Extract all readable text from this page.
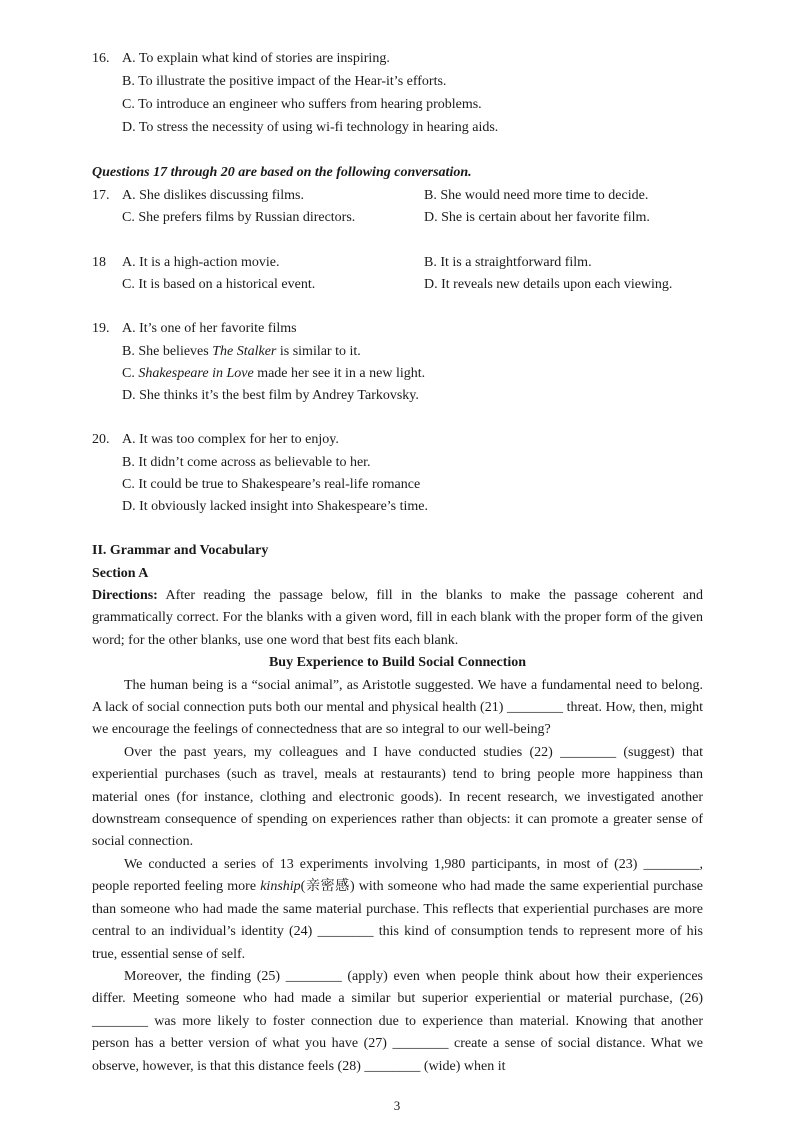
16. A. To explain what kind of stories are inspiring.
B. To illustrate the positive impact of the Hear-it’s efforts.
C. To introduce an engineer who suffers from hearing problems.
D. To stress the necessity of using wi-fi technology in hearing aids.
Questions 17 through 20 are based on the following conversation.
17. A. She dislikes discussing films.	B. She would need more time to decide.
C. She prefers films by Russian directors.	D. She is certain about her favorite film.
18 A. It is a high-action movie.	B. It is a straightforward film.
C. It is based on a historical event.	D. It reveals new details upon each viewing.
19. A. It’s one of her favorite films
B. She believes The Stalker is similar to it.
C. Shakespeare in Love made her see it in a new light.
D. She thinks it’s the best film by Andrey Tarkovsky.
20. A. It was too complex for her to enjoy.
B. It didn’t come across as believable to her.
C. It could be true to Shakespeare’s real-life romance
D. It obviously lacked insight into Shakespeare’s time.
II. Grammar and Vocabulary
Section A

Directions: After reading the passage below, fill in the blanks to make the passage coherent and grammatically correct. For the blanks with a given word, fill in each blank with the proper form of the given word; for the other blanks, use one word that best fits each blank.

Buy Experience to Build Social Connection

The human being is a “social animal”, as Aristotle suggested. We have a fundamental need to belong. A lack of social connection puts both our mental and physical health (21) ________ threat. How, then, might we encourage the feelings of connectedness that are so integral to our well-being?

Over the past years, my colleagues and I have conducted studies (22) ________ (suggest) that experiential purchases (such as travel, meals at restaurants) tend to bring people more happiness than material ones (for instance, clothing and electronic goods). In recent research, we investigated another downstream consequence of spending on experiences rather than objects: it can promote a greater sense of social connection.

We conducted a series of 13 experiments involving 1,980 participants, in most of (23) ________, people reported feeling more kinship(亲密感) with someone who had made the same experiential purchase than someone who had made the same material purchase. This reflects that experiential purchases are more central to an individual’s identity (24) ________ this kind of consumption tends to represent more of his true, essential sense of self.

Moreover, the finding (25) ________ (apply) even when people think about how their experiences differ. Meeting someone who had made a similar but superior experiential or material purchase, (26) ________ was more likely to foster connection due to experience than material. Knowing that another person has a better version of what you have (27) ________ create a sense of social distance. What we observe, however, is that this distance feels (28) ________ (wide) when it

3
